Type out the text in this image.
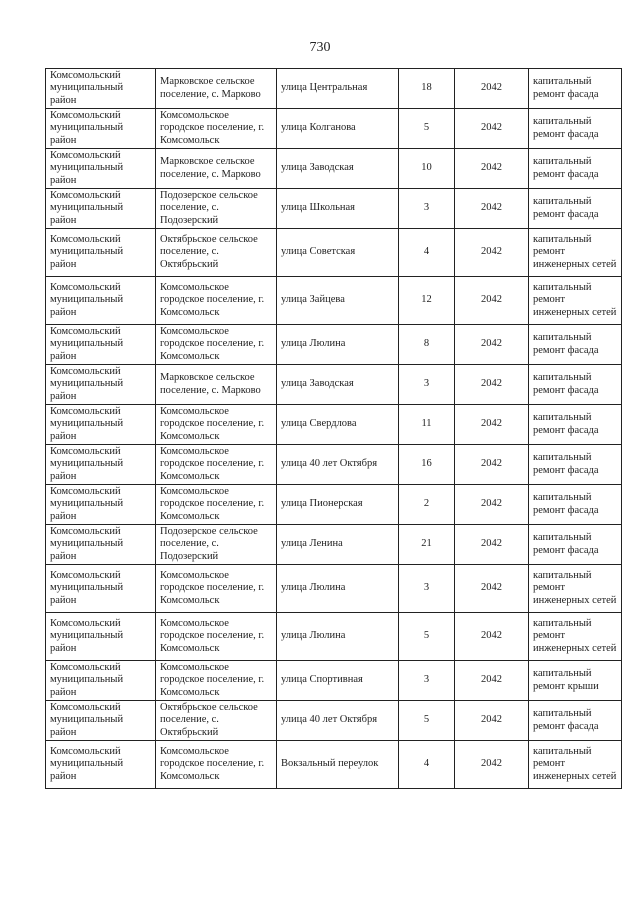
730
Комсомольский муниципальный район	Марковское сельское поселение, с. Марково	улица Центральная	18	2042	капитальный ремонт фасада
Комсомольский муниципальный район	Комсомольское городское поселение, г. Комсомольск	улица Колганова	5	2042	капитальный ремонт фасада
Комсомольский муниципальный район	Марковское сельское поселение, с. Марково	улица Заводская	10	2042	капитальный ремонт фасада
Комсомольский муниципальный район	Подозерское сельское поселение, с. Подозерский	улица Школьная	3	2042	капитальный ремонт фасада
Комсомольский муниципальный район	Октябрьское сельское поселение, с. Октябрьский	улица Советская	4	2042	капитальный ремонт инженерных сетей
Комсомольский муниципальный район	Комсомольское городское поселение, г. Комсомольск	улица Зайцева	12	2042	капитальный ремонт инженерных сетей
Комсомольский муниципальный район	Комсомольское городское поселение, г. Комсомольск	улица Люлина	8	2042	капитальный ремонт фасада
Комсомольский муниципальный район	Марковское сельское поселение, с. Марково	улица Заводская	3	2042	капитальный ремонт фасада
Комсомольский муниципальный район	Комсомольское городское поселение, г. Комсомольск	улица Свердлова	11	2042	капитальный ремонт фасада
Комсомольский муниципальный район	Комсомольское городское поселение, г. Комсомольск	улица 40 лет Октября	16	2042	капитальный ремонт фасада
Комсомольский муниципальный район	Комсомольское городское поселение, г. Комсомольск	улица Пионерская	2	2042	капитальный ремонт фасада
Комсомольский муниципальный район	Подозерское сельское поселение, с. Подозерский	улица Ленина	21	2042	капитальный ремонт фасада
Комсомольский муниципальный район	Комсомольское городское поселение, г. Комсомольск	улица Люлина	3	2042	капитальный ремонт инженерных сетей
Комсомольский муниципальный район	Комсомольское городское поселение, г. Комсомольск	улица Люлина	5	2042	капитальный ремонт инженерных сетей
Комсомольский муниципальный район	Комсомольское городское поселение, г. Комсомольск	улица Спортивная	3	2042	капитальный ремонт крыши
Комсомольский муниципальный район	Октябрьское сельское поселение, с. Октябрьский	улица 40 лет Октября	5	2042	капитальный ремонт фасада
Комсомольский муниципальный район	Комсомольское городское поселение, г. Комсомольск	Вокзальный переулок	4	2042	капитальный ремонт инженерных сетей
